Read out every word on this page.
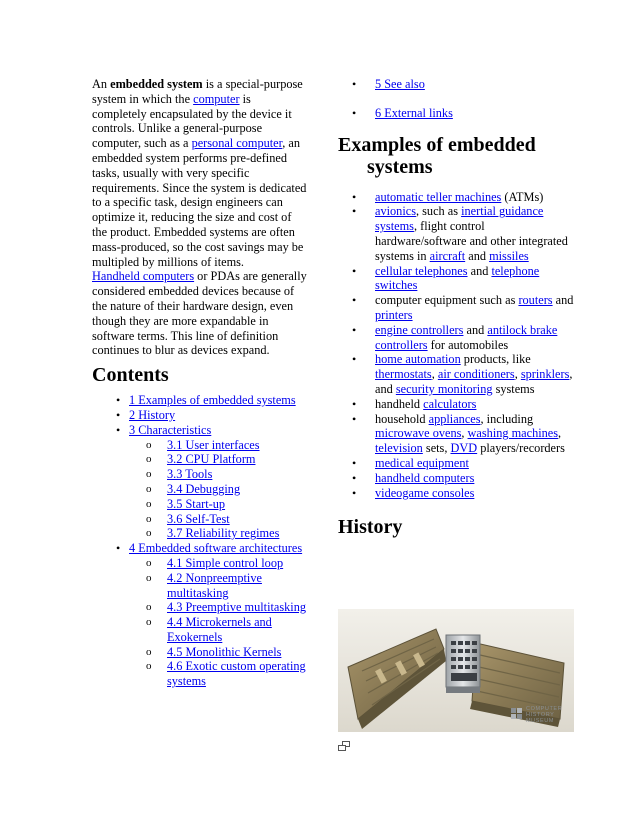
An embedded system is a special-purpose system in which the computer is completely encapsulated by the device it controls. Unlike a general-purpose computer, such as a personal computer, an embedded system performs pre-defined tasks, usually with very specific requirements. Since the system is dedicated to a specific task, design engineers can optimize it, reducing the size and cost of the product. Embedded systems are often mass-produced, so the cost savings may be multipled by millions of items.

Handheld computers or PDAs are generally considered embedded devices because of the nature of their hardware design, even though they are more expandable in software terms. This line of definition continues to blur as devices expand.

Contents
• 1 Examples of embedded systems
• 2 History
• 3 Characteristics
o 3.1 User interfaces
o 3.2 CPU Platform
o 3.3 Tools
o 3.4 Debugging
o 3.5 Start-up
o 3.6 Self-Test
o 3.7 Reliability regimes
• 4 Embedded software architectures
o 4.1 Simple control loop
o 4.2 Nonpreemptive multitasking
o 4.3 Preemptive multitasking
o 4.4 Microkernels and Exokernels
o 4.5 Monolithic Kernels
o 4.6 Exotic custom operating systems
• 5 See also
• 6 External links
Examples of embedded
systems
• automatic teller machines (ATMs)
• avionics, such as inertial guidance systems, flight control hardware/software and other integrated systems in aircraft and missiles
• cellular telephones and telephone switches
• computer equipment such as routers and printers
• engine controllers and antilock brake controllers for automobiles
• home automation products, like thermostats, air conditioners, sprinklers, and security monitoring systems
• handheld calculators
• household appliances, including microwave ovens, washing machines, television sets, DVD players/recorders
• medical equipment
• handheld computers
• videogame consoles
History
COMPUTER
HISTORY
MUSEUM
